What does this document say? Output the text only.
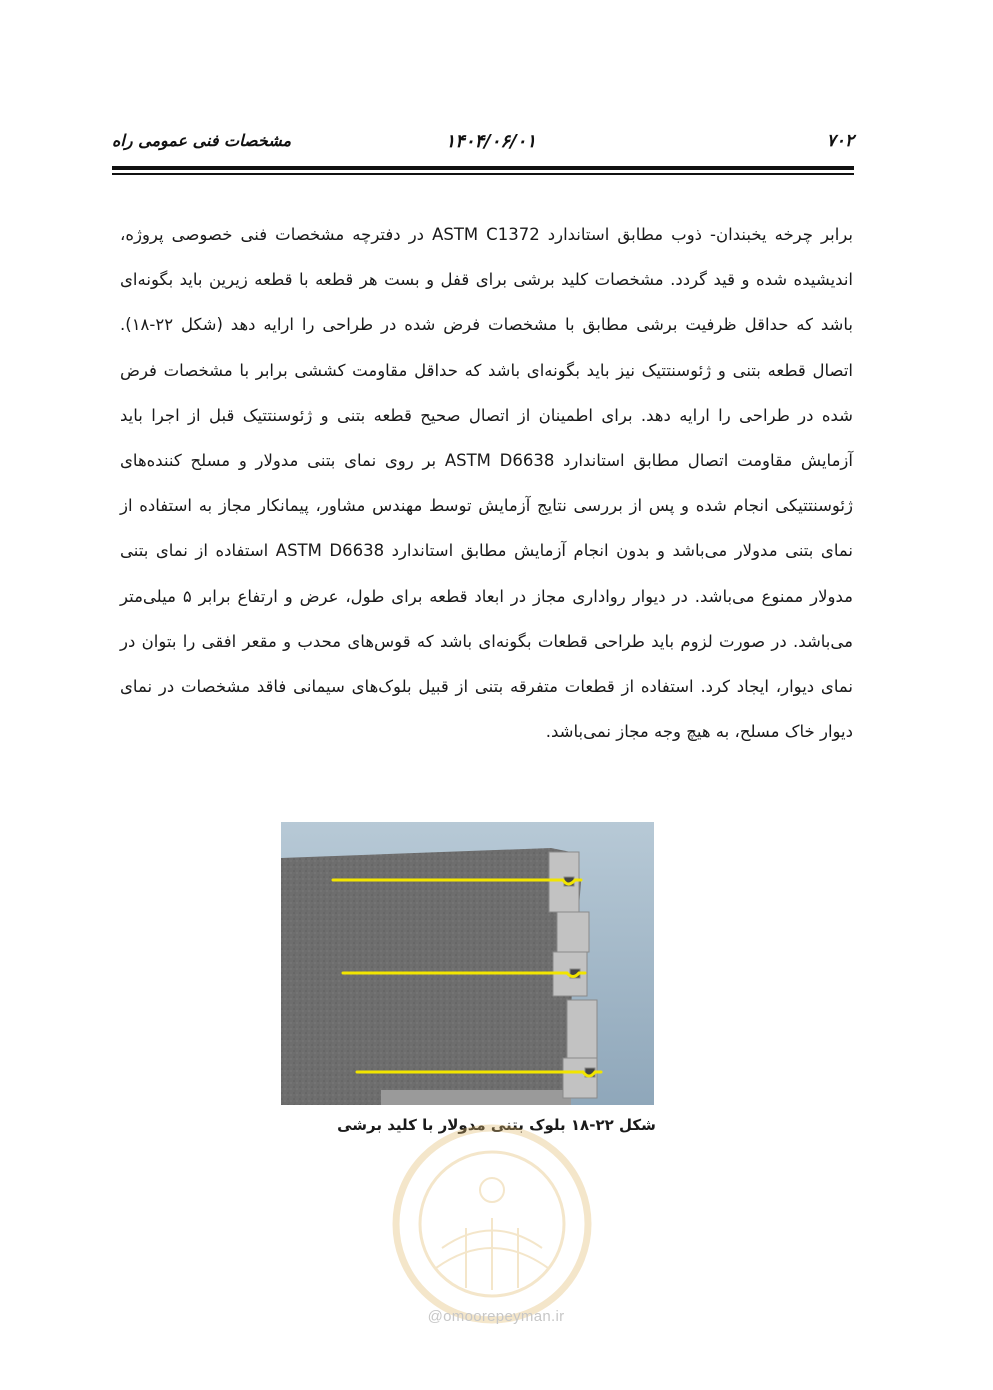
۷۰۲
۱۴۰۴/۰۶/۰۱
مشخصات فنی عمومی راه
برابر چرخه یخبندان- ذوب مطابق استاندارد ASTM C1372 در دفترچه مشخصات فنی خصوصی پروژه، اندیشیده شده و قید گردد. مشخصات کلید برشی برای قفل و بست هر قطعه با قطعه زیرین باید بگونه‌ای باشد که حداقل ظرفیت برشی مطابق با مشخصات فرض شده در طراحی را ارایه دهد (شکل ۲۲-۱۸). اتصال قطعه بتنی و ژئوسنتتیک نیز باید بگونه‌ای باشد که حداقل مقاومت کششی برابر با مشخصات فرض شده در طراحی را ارایه دهد. برای اطمینان از اتصال صحیح قطعه بتنی و ژئوسنتتیک قبل از اجرا باید آزمایش مقاومت اتصال مطابق استاندارد ASTM D6638 بر روی نمای بتنی مدولار و مسلح کننده‌های ژئوسنتتیکی انجام شده و پس از بررسی نتایج آزمایش توسط مهندس مشاور، پیمانکار مجاز به استفاده از نمای بتنی مدولار می‌باشد و بدون انجام آزمایش مطابق استاندارد ASTM D6638 استفاده از نمای بتنی مدولار ممنوع می‌باشد. در دیوار رواداری مجاز در ابعاد قطعه برای طول، عرض و ارتفاع برابر ۵ میلی‌متر می‌باشد. در صورت لزوم باید طراحی قطعات بگونه‌ای باشد که قوس‌های محدب و مقعر افقی را بتوان در نمای دیوار، ایجاد کرد. استفاده از قطعات متفرقه بتنی از قبیل بلوک‌های سیمانی فاقد مشخصات در نمای دیوار خاک مسلح، به هیچ وجه مجاز نمی‌باشد.
شکل ۲۲-۱۸ بلوک بتنی مدولار با کلید برشی
@omoorepeyman.ir
